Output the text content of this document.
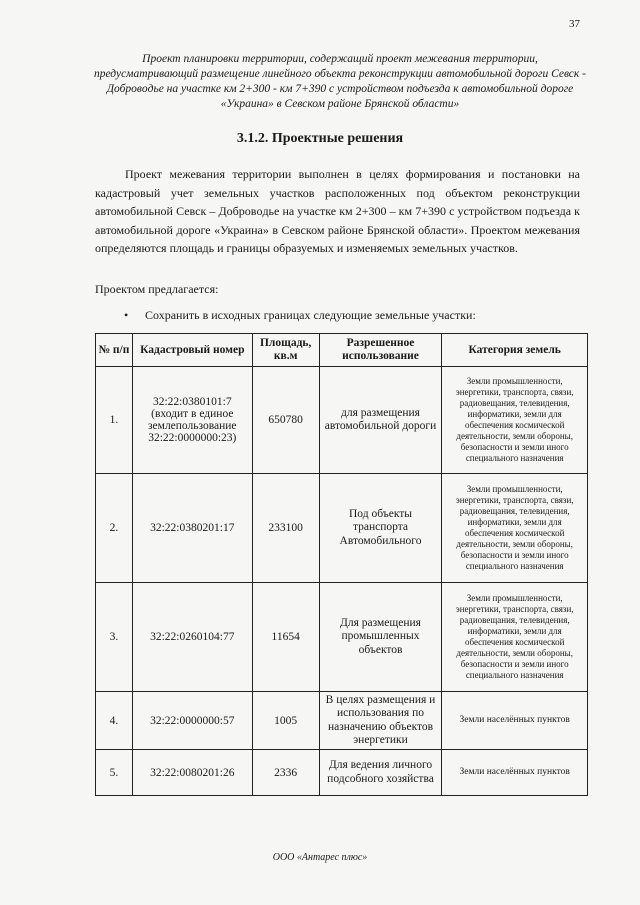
37
Проект планировки территории, содержащий проект межевания территории, предусматривающий размещение линейного объекта реконструкции автомобильной дороги Севск - Добровoдье на участке км 2+300 - км 7+390 с устройством подъезда к автомобильной дороге «Украина» в Севском районе Брянской области»
3.1.2. Проектные решения

Проект межевания территории выполнен в целях формирования и постановки на кадастровый учет земельных участков расположенных под объектом реконструкции автомобильной Севск – Добровoдье на участке км 2+300 – км 7+390 с устройством подъезда к автомобильной дороге «Украина» в Севском районе Брянской области». Проектом межевания определяются площадь и границы образуемых и изменяемых земельных участков.

Проектом предлагается:
• Сохранить в исходных границах следующие земельные участки:
№ п/п	Кадастровый номер	Площадь, кв.м	Разрешенное использование	Категория земель
1.	32:22:0380101:7 (входит в единое землепользование 32:22:0000000:23)	650780	для размещения автомобильной дороги	Земли промышленности, энергетики, транспорта, связи, радиовещания, телевидения, информатики, земли для обеспечения космической деятельности, земли обороны, безопасности и земли иного специального назначения
2.	32:22:0380201:17	233100	Под объекты транспорта Автомобильного	Земли промышленности, энергетики, транспорта, связи, радиовещания, телевидения, информатики, земли для обеспечения космической деятельности, земли обороны, безопасности и земли иного специального назначения
3.	32:22:0260104:77	11654	Для размещения промышленных объектов	Земли промышленности, энергетики, транспорта, связи, радиовещания, телевидения, информатики, земли для обеспечения космической деятельности, земли обороны, безопасности и земли иного специального назначения
4.	32:22:0000000:57	1005	В целях размещения и использования по назначению объектов энергетики	Земли населённых пунктов
5.	32:22:0080201:26	2336	Для ведения личного подсобного хозяйства	Земли населённых пунктов
ООО «Антарес плюс»
